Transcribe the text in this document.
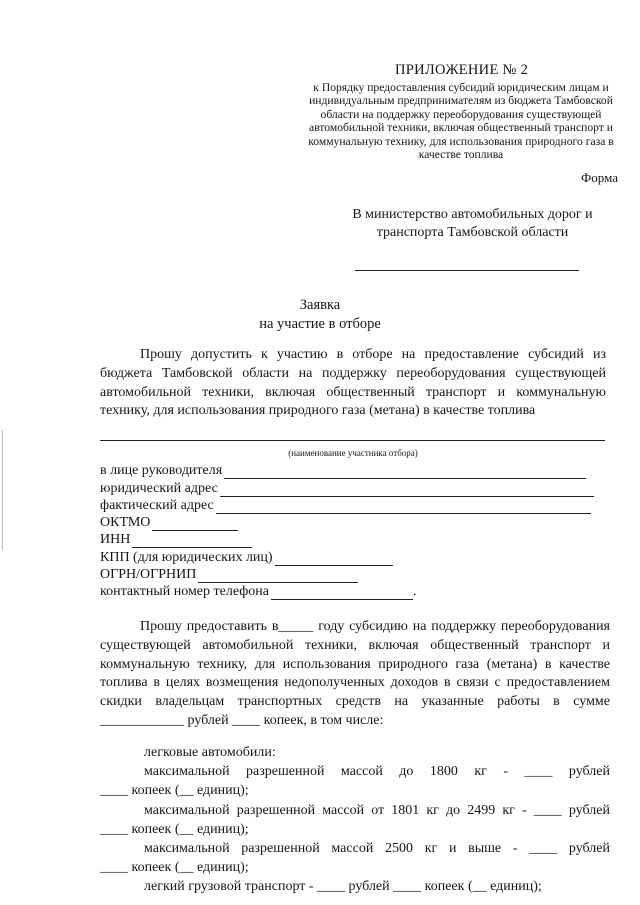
ПРИЛОЖЕНИЕ № 2

к Порядку предоставления субсидий юридическим лицам и индивидуальным предпринимателям из бюджета Тамбовской области на поддержку переоборудования существующей автомобильной техники, включая общественный транспорт и коммунальную технику, для использования природного газа в качестве топлива

Форма

В министерство автомобильных дорог и транспорта Тамбовской области

Заявка
на участие в отборе

Прошу допустить к участию в отборе на предоставление субсидий из бюджета Тамбовской области на поддержку переоборудования существующей автомобильной техники, включая общественный транспорт и коммунальную технику, для использования природного газа (метана) в качестве топлива

(наименование участника отбора)
в лице руководителя
юридический адрес
фактический адрес
ОКТМО
ИНН
КПП (для юридических лиц)
ОГРН/ОГРНИП
контактный номер телефона	.

Прошу предоставить в_____ году субсидию на поддержку переоборудования существующей автомобильной техники, включая общественный транспорт и коммунальную технику, для использования природного газа (метана) в качестве топлива в целях возмещения недополученных доходов в связи с предоставлением скидки владельцам транспортных средств на указанные работы в сумме ____________ рублей ____ копеек, в том числе:

легковые автомобили:
максимальной разрешенной массой до 1800 кг - ____ рублей
____ копеек (__ единиц);
максимальной разрешенной массой от 1801 кг до 2499 кг - ____ рублей
____ копеек (__ единиц);
максимальной разрешенной массой 2500 кг и выше - ____ рублей
____ копеек (__ единиц);
легкий грузовой транспорт - ____ рублей ____ копеек (__ единиц);
